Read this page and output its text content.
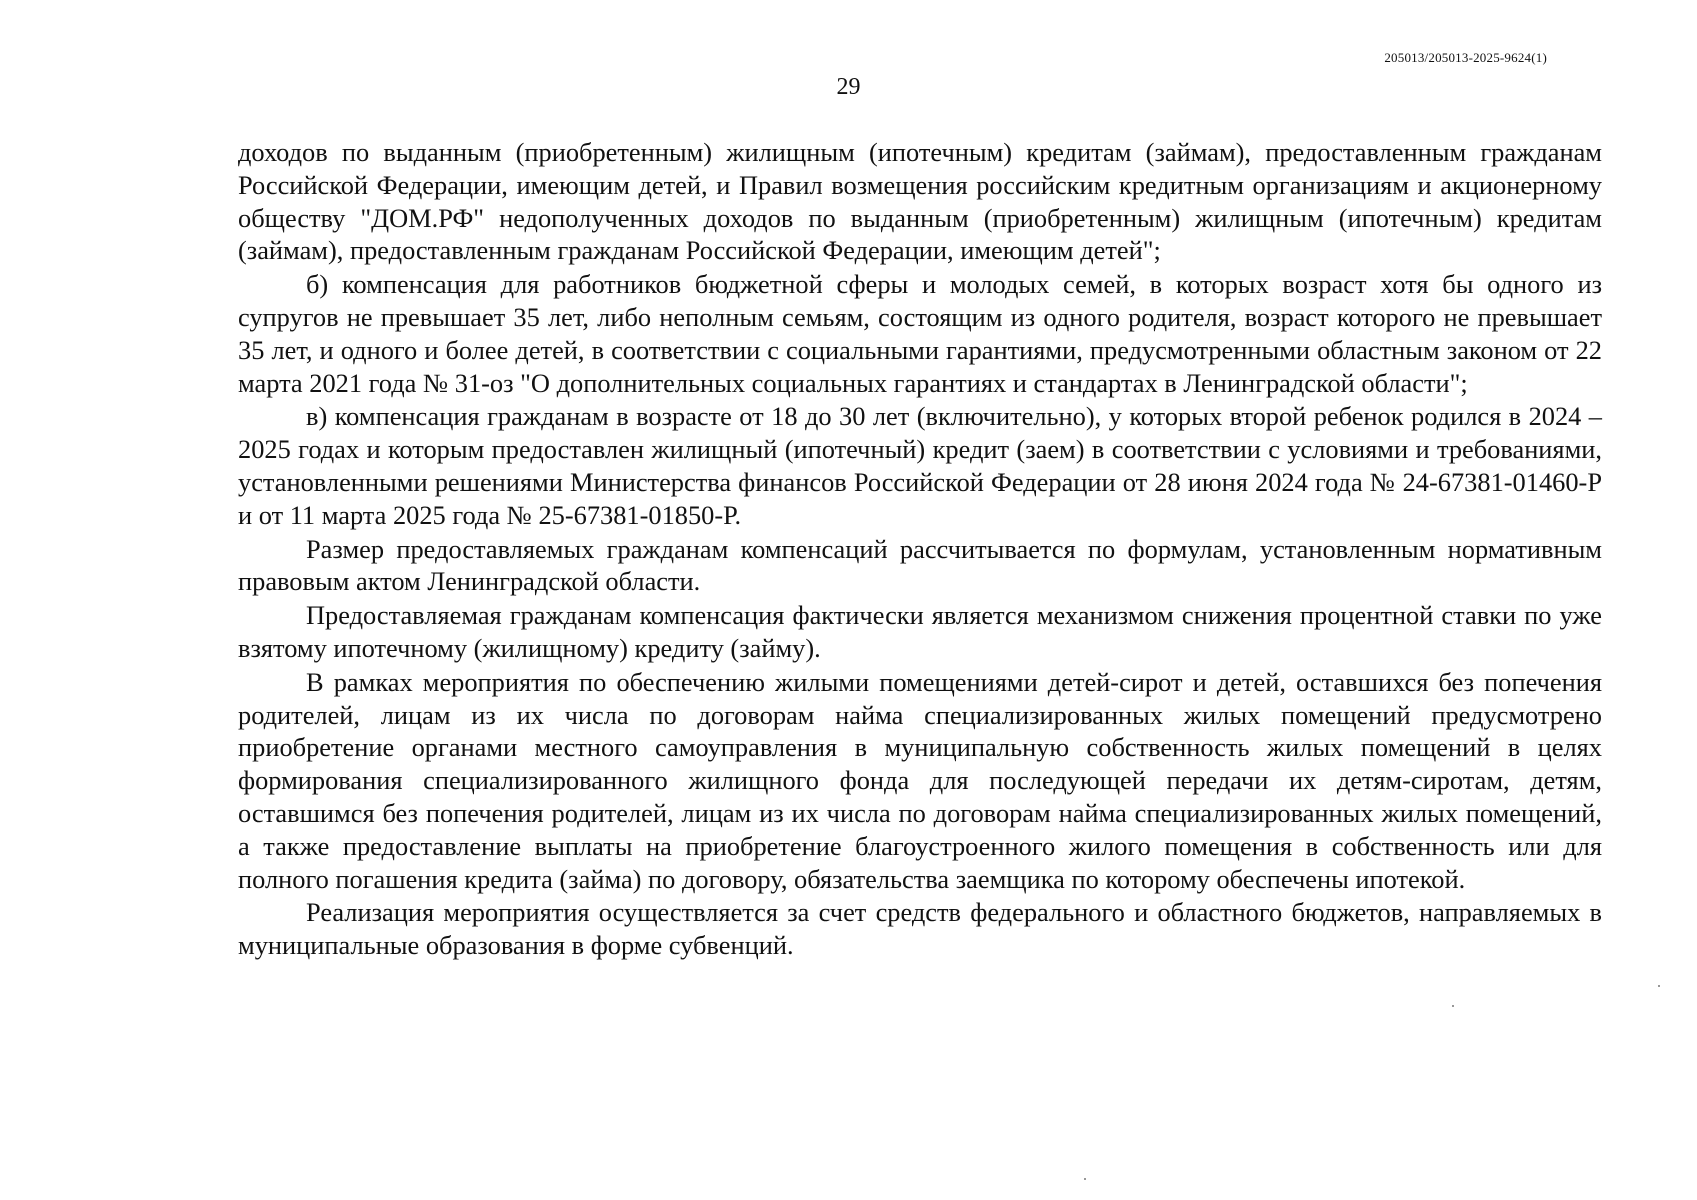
205013/205013-2025-9624(1)
29

доходов по выданным (приобретенным) жилищным (ипотечным) кредитам (займам), предоставленным гражданам Российской Федерации, имеющим детей, и Правил возмещения российским кредитным организациям и акционерному обществу "ДОМ.РФ" недополученных доходов по выданным (приобретенным) жилищным (ипотечным) кредитам (займам), предоставленным гражданам Российской Федерации, имеющим детей";

б) компенсация для работников бюджетной сферы и молодых семей, в которых возраст хотя бы одного из супругов не превышает 35 лет, либо неполным семьям, состоящим из одного родителя, возраст которого не превышает 35 лет, и одного и более детей, в соответствии с социальными гарантиями, предусмотренными областным законом от 22 марта 2021 года № 31-оз "О дополнительных социальных гарантиях и стандартах в Ленинградской области";

в) компенсация гражданам в возрасте от 18 до 30 лет (включительно), у которых второй ребенок родился в 2024 – 2025 годах и которым предоставлен жилищный (ипотечный) кредит (заем) в соответствии с условиями и требованиями, установленными решениями Министерства финансов Российской Федерации от 28 июня 2024 года № 24-67381-01460-Р и от 11 марта 2025 года № 25-67381-01850-Р.

Размер предоставляемых гражданам компенсаций рассчитывается по формулам, установленным нормативным правовым актом Ленинградской области.

Предоставляемая гражданам компенсация фактически является механизмом снижения процентной ставки по уже взятому ипотечному (жилищному) кредиту (займу).

В рамках мероприятия по обеспечению жилыми помещениями детей-сирот и детей, оставшихся без попечения родителей, лицам из их числа по договорам найма специализированных жилых помещений предусмотрено приобретение органами местного самоуправления в муниципальную собственность жилых помещений в целях формирования специализированного жилищного фонда для последующей передачи их детям-сиротам, детям, оставшимся без попечения родителей, лицам из их числа по договорам найма специализированных жилых помещений, а также предоставление выплаты на приобретение благоустроенного жилого помещения в собственность или для полного погашения кредита (займа) по договору, обязательства заемщика по которому обеспечены ипотекой.

Реализация мероприятия осуществляется за счет средств федерального и областного бюджетов, направляемых в муниципальные образования в форме субвенций.
